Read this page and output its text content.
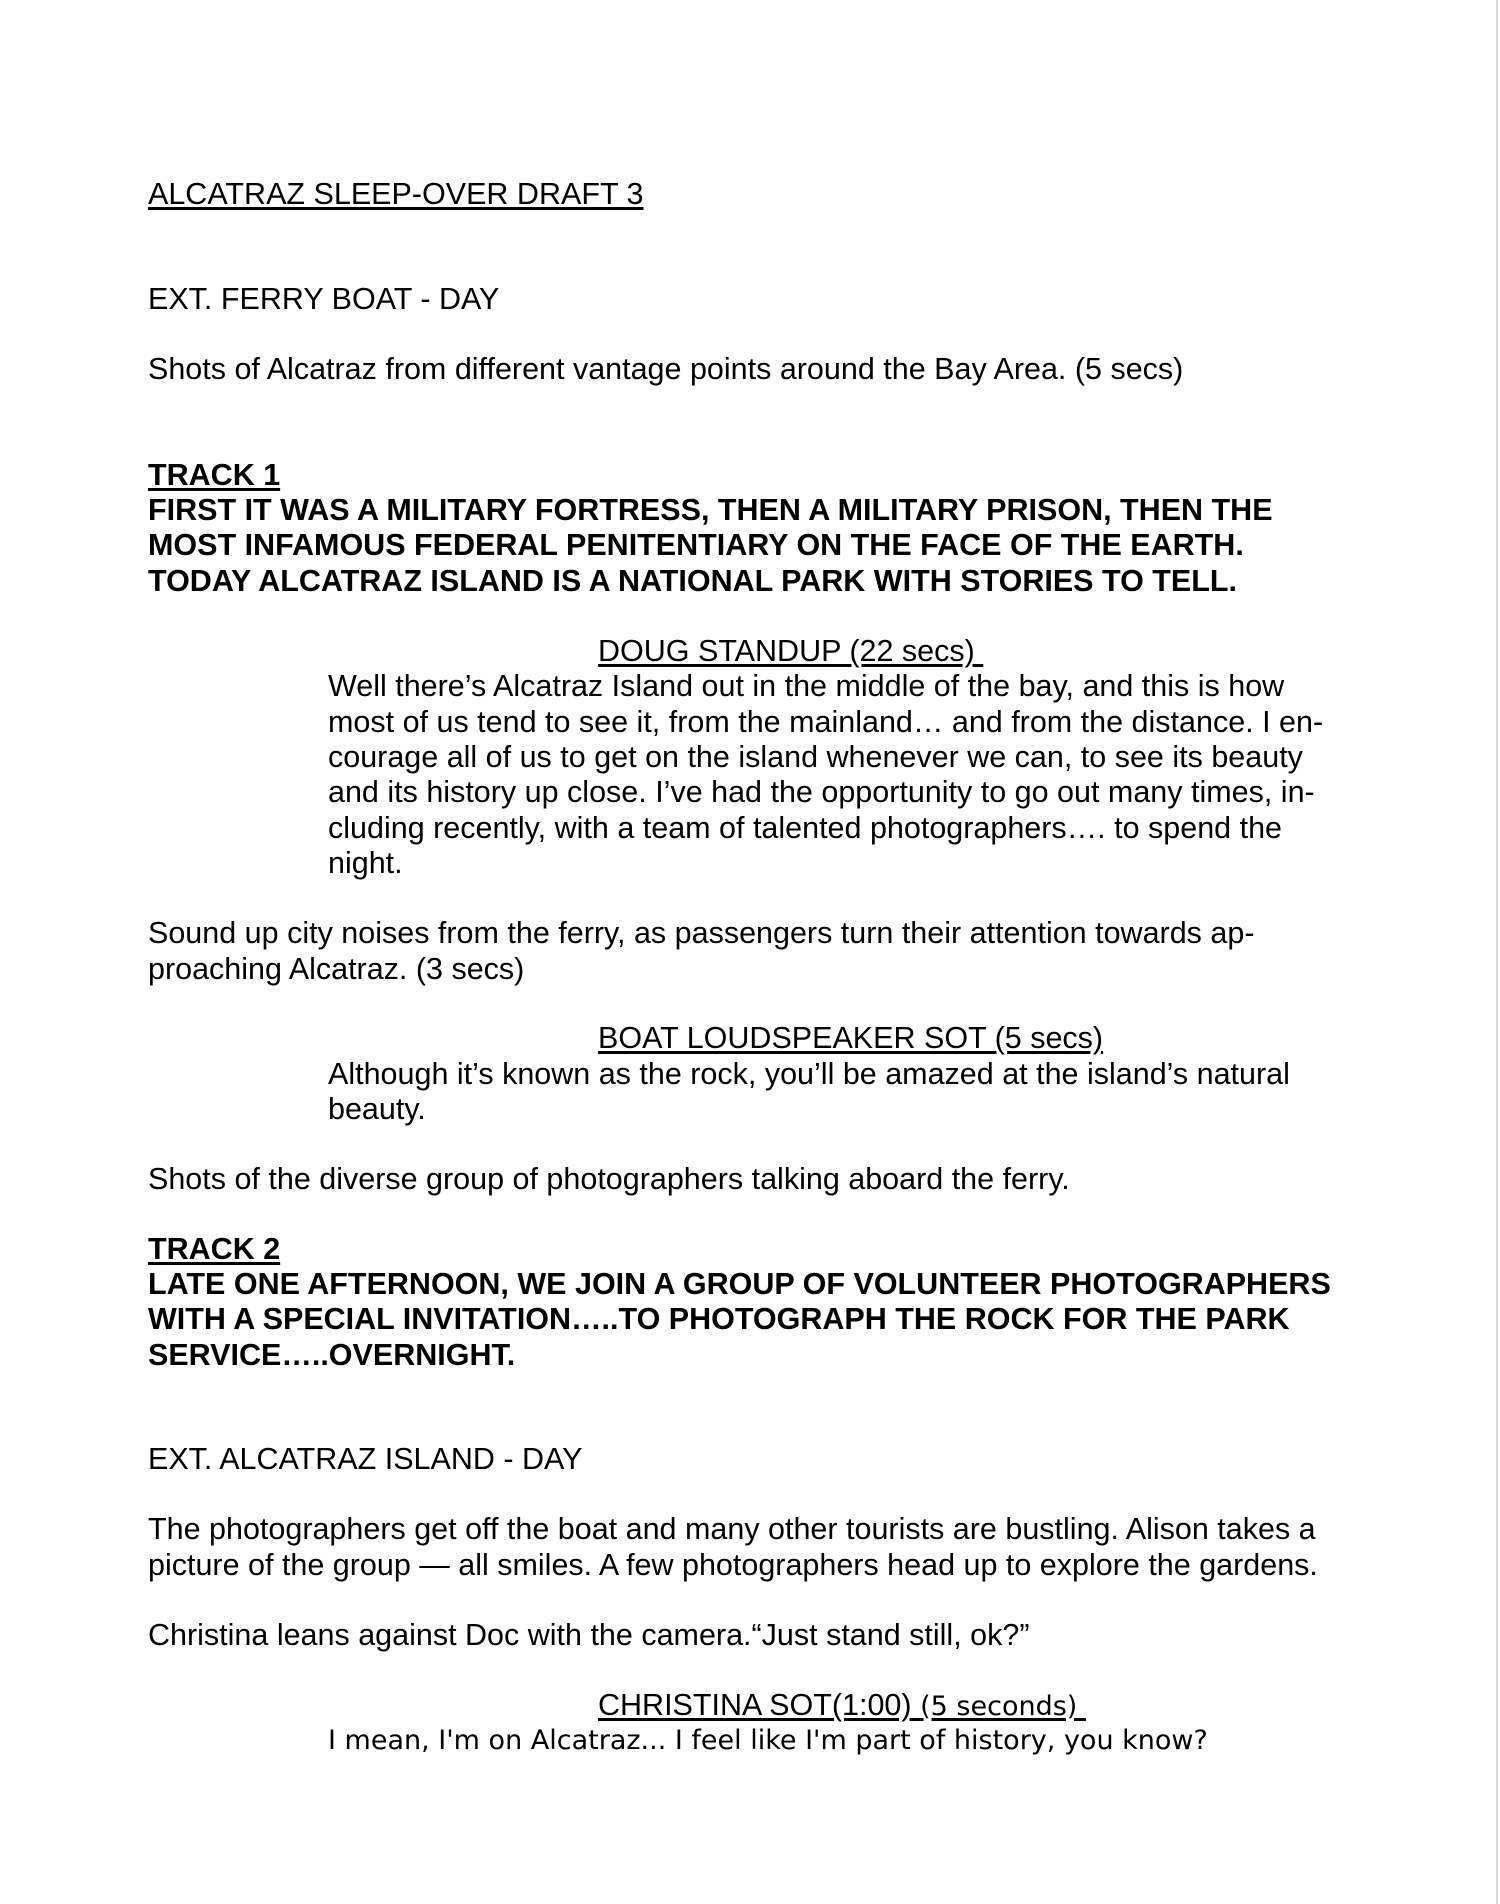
ALCATRAZ SLEEP-OVER DRAFT 3

EXT. FERRY BOAT - DAY

Shots of Alcatraz from different vantage points around the Bay Area. (5 secs)

TRACK 1

FIRST IT WAS A MILITARY FORTRESS, THEN A MILITARY PRISON, THEN THE

MOST INFAMOUS FEDERAL PENITENTIARY ON THE FACE OF THE EARTH.

TODAY ALCATRAZ ISLAND IS A NATIONAL PARK WITH STORIES TO TELL.

DOUG STANDUP (22 secs)

Well there’s Alcatraz Island out in the middle of the bay, and this is how

most of us tend to see it, from the mainland… and from the distance. I en-

courage all of us to get on the island whenever we can, to see its beauty

and its history up close. I’ve had the opportunity to go out many times, in-

cluding recently, with a team of talented photographers…. to spend the

night.

Sound up city noises from the ferry, as passengers turn their attention towards ap-

proaching Alcatraz. (3 secs)

BOAT LOUDSPEAKER SOT (5 secs)

Although it’s known as the rock, you’ll be amazed at the island’s natural

beauty.

Shots of the diverse group of photographers talking aboard the ferry.

TRACK 2

LATE ONE AFTERNOON, WE JOIN A GROUP OF VOLUNTEER PHOTOGRAPHERS

WITH A SPECIAL INVITATION…..TO PHOTOGRAPH THE ROCK FOR THE PARK

SERVICE…..OVERNIGHT.

EXT. ALCATRAZ ISLAND - DAY

The photographers get off the boat and many other tourists are bustling. Alison takes a

picture of the group — all smiles. A few photographers head up to explore the gardens.

Christina leans against Doc with the camera.“Just stand still, ok?”

CHRISTINA SOT(1:00) (5 seconds)

I mean, I'm on Alcatraz... I feel like I'm part of history, you know?
